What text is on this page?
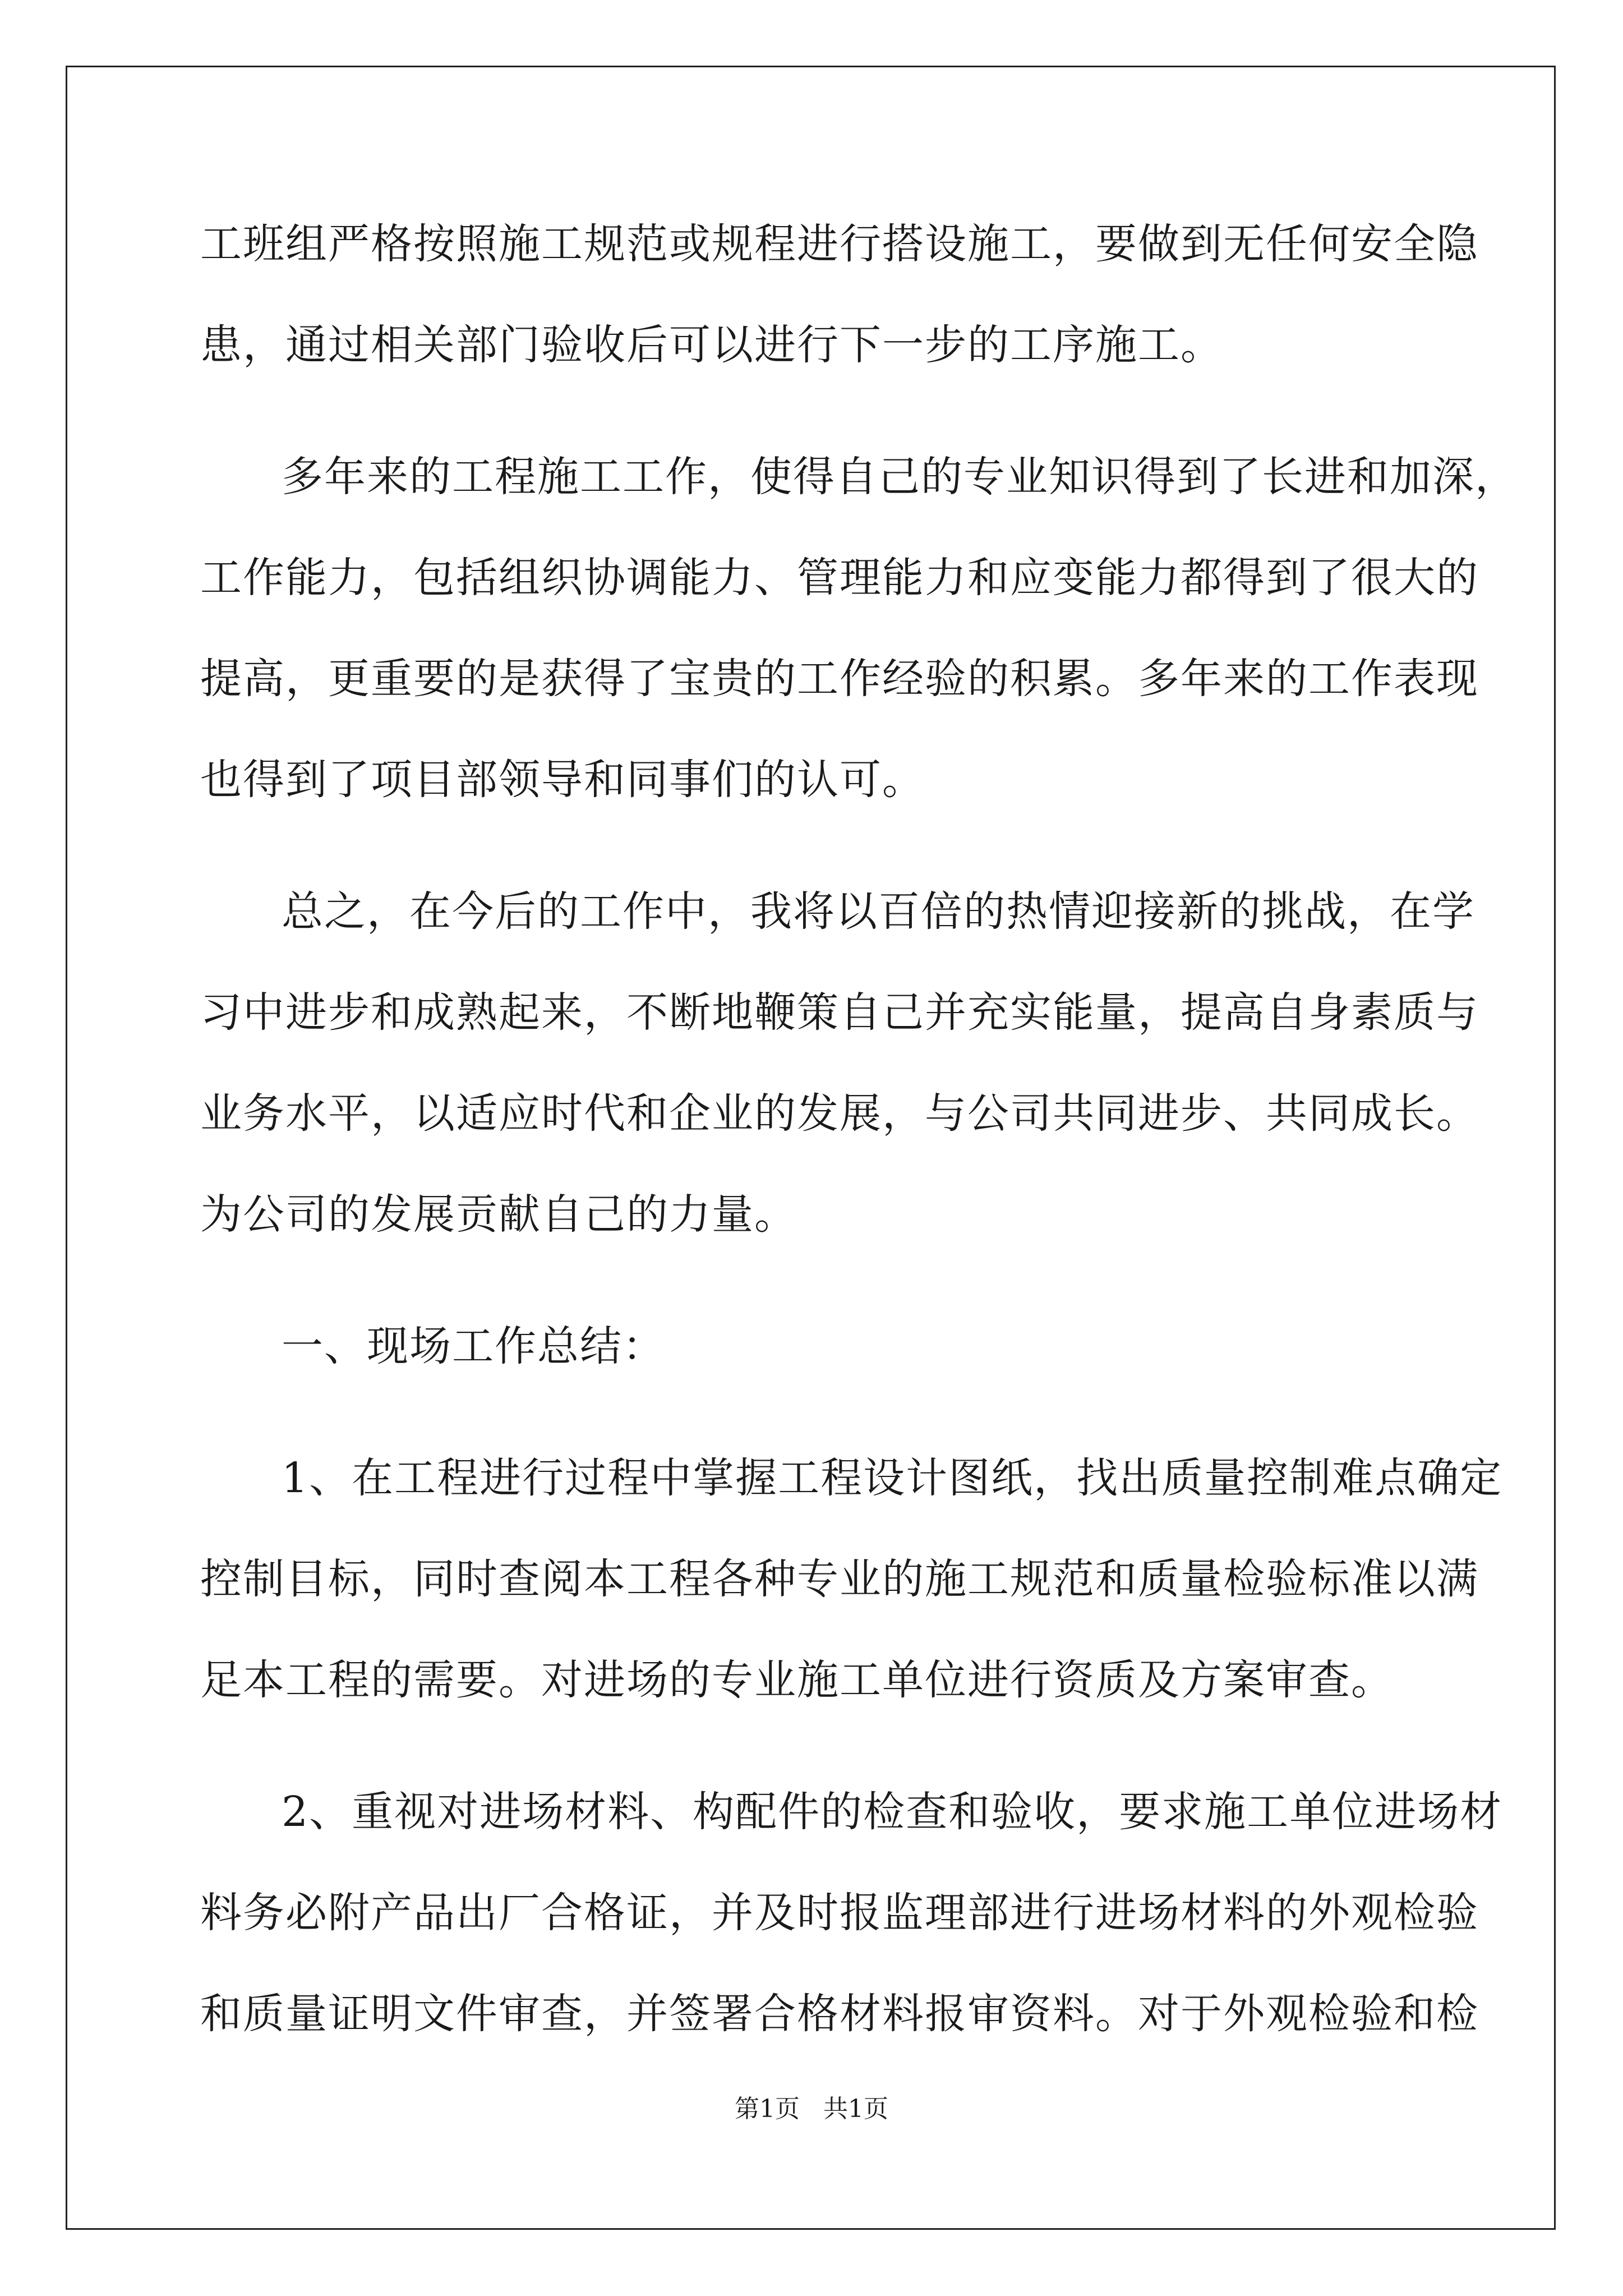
工班组严格按照施工规范或规程进行搭设施工，要做到无任何安全隐
患，通过相关部门验收后可以进行下一步的工序施工。
多年来的工程施工工作，使得自己的专业知识得到了长进和加深，
工作能力，包括组织协调能力、管理能力和应变能力都得到了很大的
提高，更重要的是获得了宝贵的工作经验的积累。多年来的工作表现
也得到了项目部领导和同事们的认可。
总之，在今后的工作中，我将以百倍的热情迎接新的挑战，在学
习中进步和成熟起来，不断地鞭策自己并充实能量，提高自身素质与
业务水平，以适应时代和企业的发展，与公司共同进步、共同成长。
为公司的发展贡献自己的力量。
一、现场工作总结：
1、在工程进行过程中掌握工程设计图纸，找出质量控制难点确定
控制目标，同时查阅本工程各种专业的施工规范和质量检验标准以满
足本工程的需要。对进场的专业施工单位进行资质及方案审查。
2、重视对进场材料、构配件的检查和验收，要求施工单位进场材
料务必附产品出厂合格证，并及时报监理部进行进场材料的外观检验
和质量证明文件审查，并签署合格材料报审资料。对于外观检验和检
第1页 共1页
